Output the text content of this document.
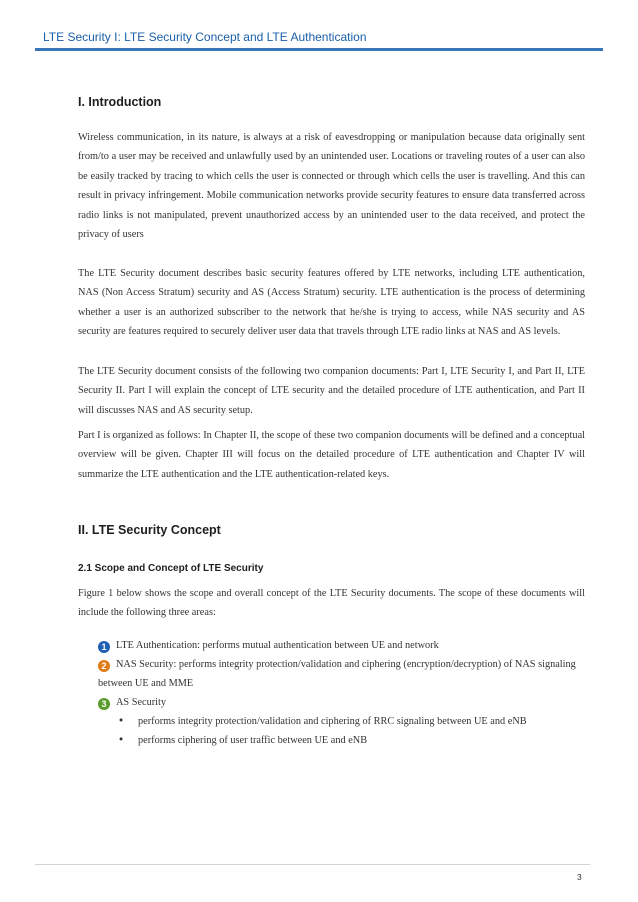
LTE Security I: LTE Security Concept and LTE Authentication
I. Introduction

Wireless communication, in its nature, is always at a risk of eavesdropping or manipulation because data originally sent from/to a user may be received and unlawfully used by an unintended user. Locations or traveling routes of a user can also be easily tracked by tracing to which cells the user is connected or through which cells the user is travelling. And this can result in privacy infringement. Mobile communication networks provide security features to ensure data transferred across radio links is not manipulated, prevent unauthorized access by an unintended user to the data received, and protect the privacy of users

The LTE Security document describes basic security features offered by LTE networks, including LTE authentication, NAS (Non Access Stratum) security and AS (Access Stratum) security. LTE authentication is the process of determining whether a user is an authorized subscriber to the network that he/she is trying to access, while NAS security and AS security are features required to securely deliver user data that travels through LTE radio links at NAS and AS levels.

The LTE Security document consists of the following two companion documents: Part I, LTE Security I, and Part II, LTE Security II. Part I will explain the concept of LTE security and the detailed procedure of LTE authentication, and Part II will discusses NAS and AS security setup.

Part I is organized as follows: In Chapter II, the scope of these two companion documents will be defined and a conceptual overview will be given. Chapter III will focus on the detailed procedure of LTE authentication and Chapter IV will summarize the LTE authentication and the LTE authentication-related keys.

II. LTE Security Concept
2.1 Scope and Concept of LTE Security

Figure 1 below shows the scope and overall concept of the LTE Security documents. The scope of these documents will include the following three areas:

1 LTE Authentication: performs mutual authentication between UE and network

2 NAS Security: performs integrity protection/validation and ciphering (encryption/decryption) of NAS signaling between UE and MME

3 AS Security

• performs integrity protection/validation and ciphering of RRC signaling between UE and eNB

• performs ciphering of user traffic between UE and eNB

3
